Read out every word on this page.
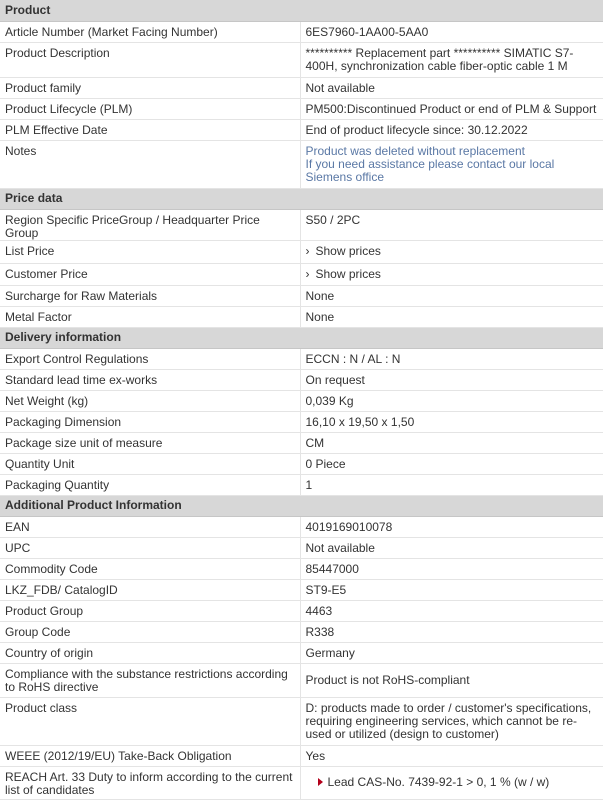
Product	
Article Number (Market Facing Number)	6ES7960-1AA00-5AA0
Product Description	********** Replacement part ********** SIMATIC S7-400H, synchronization cable fiber-optic cable 1 M
Product family	Not available
Product Lifecycle (PLM)	PM500:Discontinued Product or end of PLM & Support
PLM Effective Date	End of product lifecycle since: 30.12.2022
Notes	Product was deleted without replacement
If you need assistance please contact our local Siemens office

Price data	
Region Specific PriceGroup / Headquarter Price Group	S50 / 2PC
List Price	› Show prices
Customer Price	› Show prices
Surcharge for Raw Materials	None
Metal Factor	None
Delivery information	
Export Control Regulations	ECCN : N / AL : N
Standard lead time ex-works	On request
Net Weight (kg)	0,039 Kg
Packaging Dimension	16,10 x 19,50 x 1,50
Package size unit of measure	CM
Quantity Unit	0 Piece
Packaging Quantity	1
Additional Product Information	
EAN	4019169010078
UPC	Not available
Commodity Code	85447000
LKZ_FDB/ CatalogID	ST9-E5
Product Group	4463
Group Code	R338
Country of origin	Germany
Compliance with the substance restrictions according to RoHS directive	Product is not RoHS-compliant
Product class	D: products made to order / customer's specifications, requiring engineering services, which cannot be re-used or utilized (design to customer)
WEEE (2012/19/EU) Take-Back Obligation	Yes
REACH Art. 33 Duty to inform according to the current list of candidates	Lead CAS-No. 7439-92-1 > 0, 1 % (w / w)
